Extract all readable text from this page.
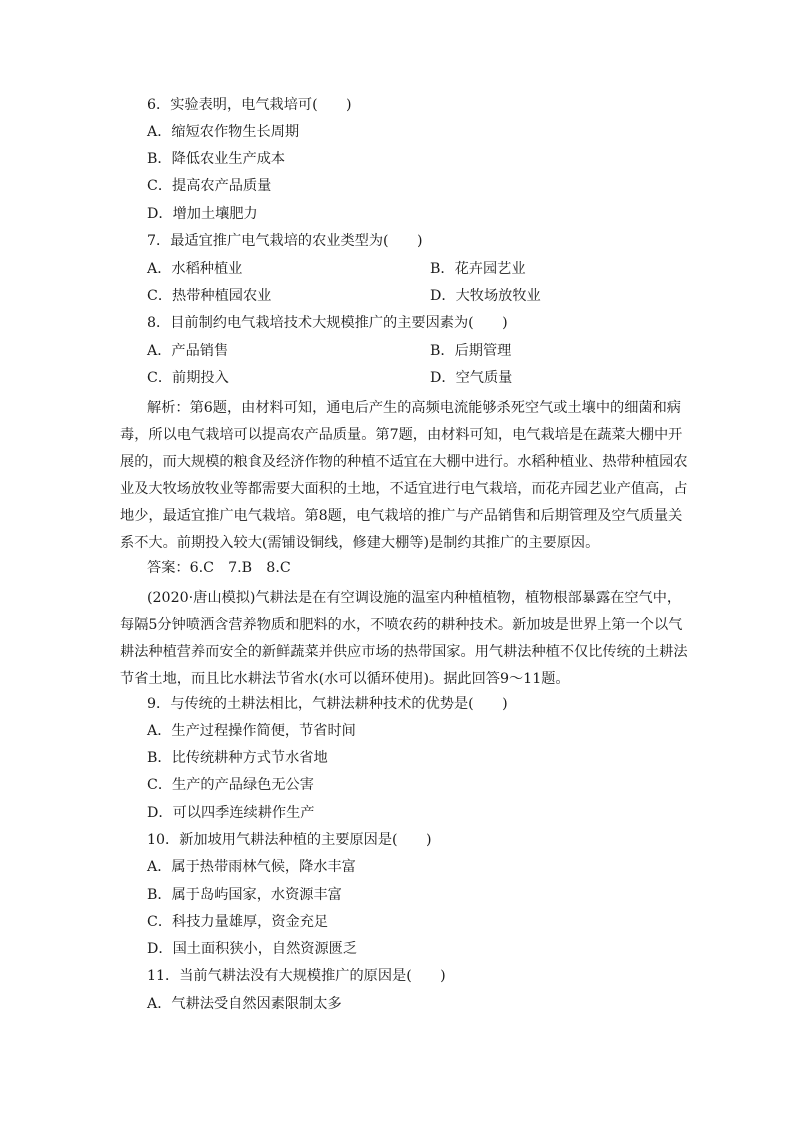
6．实验表明，电气栽培可(　　)
A．缩短农作物生长周期
B．降低农业生产成本
C．提高农产品质量
D．增加土壤肥力
7．最适宜推广电气栽培的农业类型为(　　)
A．水稻种植业	B．花卉园艺业
C．热带种植园农业	D．大牧场放牧业
8．目前制约电气栽培技术大规模推广的主要因素为(　　)
A．产品销售	B．后期管理
C．前期投入	D．空气质量
解析：第6题，由材料可知，通电后产生的高频电流能够杀死空气或土壤中的细菌和病
毒，所以电气栽培可以提高农产品质量。第7题，由材料可知，电气栽培是在蔬菜大棚中开
展的，而大规模的粮食及经济作物的种植不适宜在大棚中进行。水稻种植业、热带种植园农
业及大牧场放牧业等都需要大面积的土地，不适宜进行电气栽培，而花卉园艺业产值高，占
地少，最适宜推广电气栽培。第8题，电气栽培的推广与产品销售和后期管理及空气质量关
系不大。前期投入较大(需铺设铜线，修建大棚等)是制约其推广的主要原因。
答案：6.C　7.B　8.C
(2020·唐山模拟)气耕法是在有空调设施的温室内种植植物，植物根部暴露在空气中，
每隔5分钟喷洒含营养物质和肥料的水，不喷农药的耕种技术。新加坡是世界上第一个以气
耕法种植营养而安全的新鲜蔬菜并供应市场的热带国家。用气耕法种植不仅比传统的土耕法
节省土地，而且比水耕法节省水(水可以循环使用)。据此回答9～11题。
9．与传统的土耕法相比，气耕法耕种技术的优势是(　　)
A．生产过程操作简便，节省时间
B．比传统耕种方式节水省地
C．生产的产品绿色无公害
D．可以四季连续耕作生产
10．新加坡用气耕法种植的主要原因是(　　)
A．属于热带雨林气候，降水丰富
B．属于岛屿国家，水资源丰富
C．科技力量雄厚，资金充足
D．国土面积狭小，自然资源匮乏
11．当前气耕法没有大规模推广的原因是(　　)
A．气耕法受自然因素限制太多
